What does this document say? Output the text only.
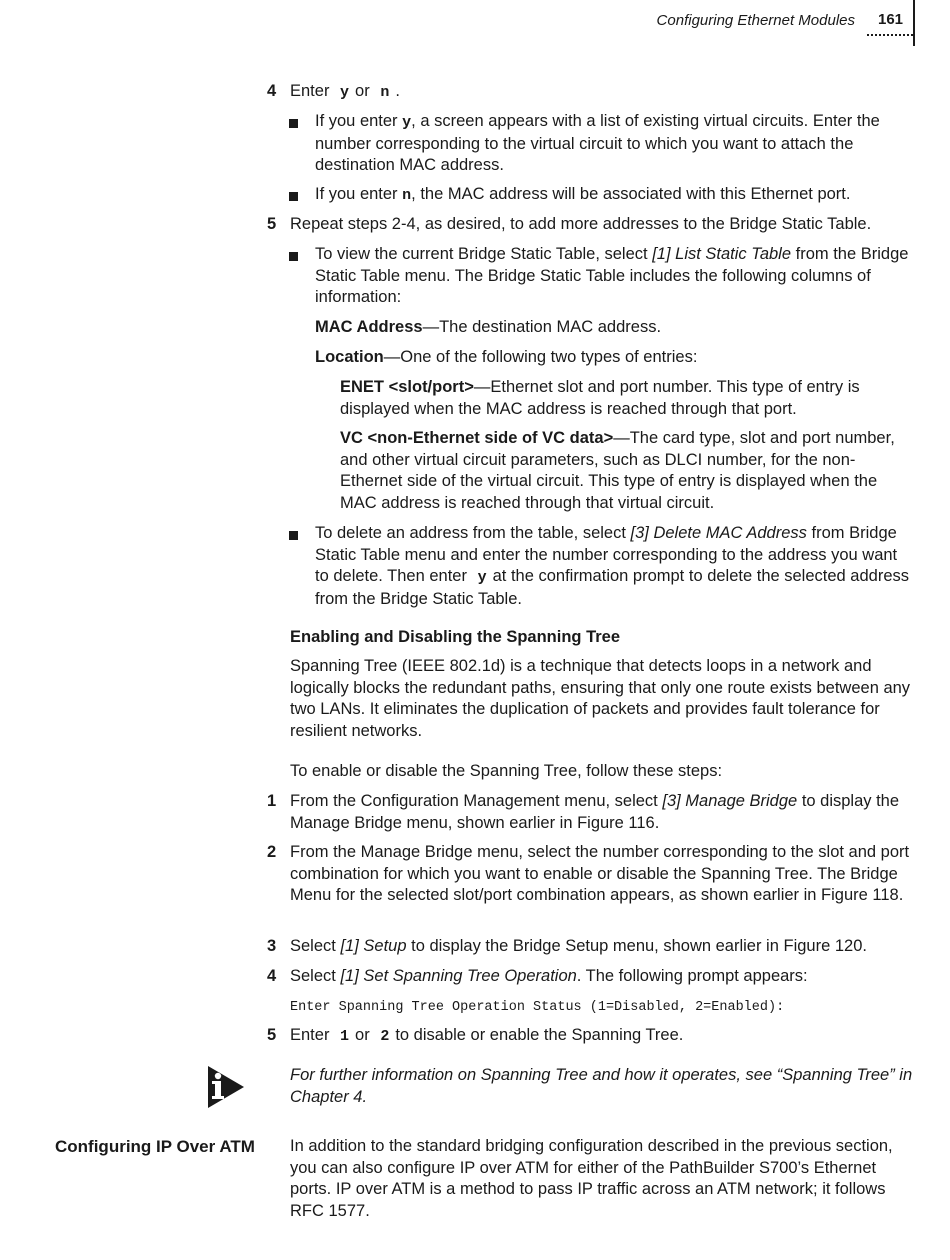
Configuring Ethernet Modules 161
4 Enter y or n .
If you enter y, a screen appears with a list of existing virtual circuits. Enter the number corresponding to the virtual circuit to which you want to attach the destination MAC address.
If you enter n, the MAC address will be associated with this Ethernet port.
5 Repeat steps 2-4, as desired, to add more addresses to the Bridge Static Table.
To view the current Bridge Static Table, select [1] List Static Table from the Bridge Static Table menu. The Bridge Static Table includes the following columns of information:
MAC Address—The destination MAC address.
Location—One of the following two types of entries:
ENET <slot/port>—Ethernet slot and port number. This type of entry is displayed when the MAC address is reached through that port.
VC <non-Ethernet side of VC data>—The card type, slot and port number, and other virtual circuit parameters, such as DLCI number, for the non-Ethernet side of the virtual circuit. This type of entry is displayed when the MAC address is reached through that virtual circuit.
To delete an address from the table, select [3] Delete MAC Address from Bridge Static Table menu and enter the number corresponding to the address you want to delete. Then enter y at the confirmation prompt to delete the selected address from the Bridge Static Table.
Enabling and Disabling the Spanning Tree
Spanning Tree (IEEE 802.1d) is a technique that detects loops in a network and logically blocks the redundant paths, ensuring that only one route exists between any two LANs. It eliminates the duplication of packets and provides fault tolerance for resilient networks.
To enable or disable the Spanning Tree, follow these steps:
1 From the Configuration Management menu, select [3] Manage Bridge to display the Manage Bridge menu, shown earlier in Figure 116.
2 From the Manage Bridge menu, select the number corresponding to the slot and port combination for which you want to enable or disable the Spanning Tree. The Bridge Menu for the selected slot/port combination appears, as shown earlier in Figure 118.
3 Select [1] Setup to display the Bridge Setup menu, shown earlier in Figure 120.
4 Select [1] Set Spanning Tree Operation. The following prompt appears:
Enter Spanning Tree Operation Status (1=Disabled, 2=Enabled):
5 Enter 1 or 2 to disable or enable the Spanning Tree.
For further information on Spanning Tree and how it operates, see “Spanning Tree” in Chapter 4.
Configuring IP Over ATM In addition to the standard bridging configuration described in the previous section, you can also configure IP over ATM for either of the PathBuilder S700’s Ethernet ports. IP over ATM is a method to pass IP traffic across an ATM network; it follows RFC 1577.
